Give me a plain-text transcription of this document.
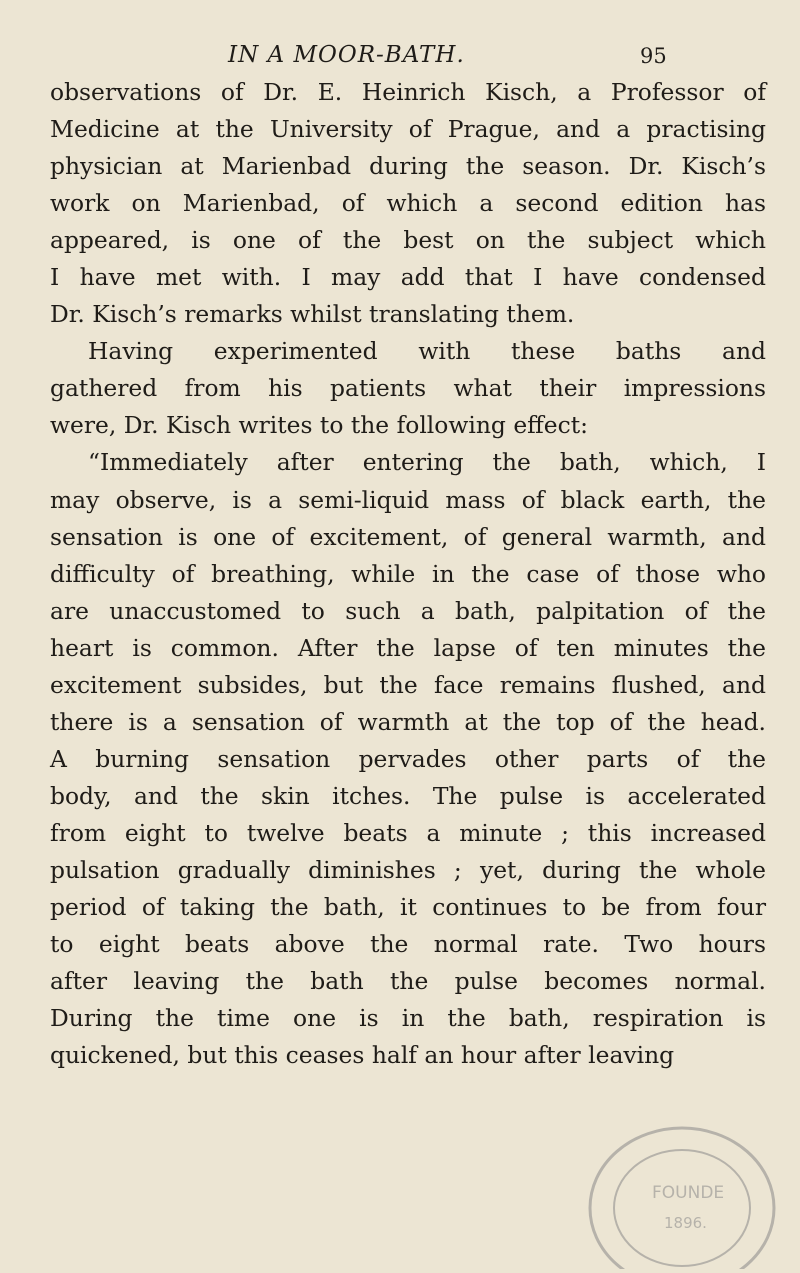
IN A MOOR-BATH.	95
observations of Dr. E. Heinrich Kisch, a Professor of
Medicine at the University of Prague, and a practising
physician at Marienbad during the season. Dr. Kisch’s
work on Marienbad, of which a second edition has
appeared, is one of the best on the subject which
I have met with. I may add that I have condensed
Dr. Kisch’s remarks whilst translating them.
Having experimented with these baths and
gathered from his patients what their impressions
were, Dr. Kisch writes to the following effect:
“Immediately after entering the bath, which, I
may observe, is a semi-liquid mass of black earth, the
sensation is one of excitement, of general warmth, and
difficulty of breathing, while in the case of those who
are unaccustomed to such a bath, palpitation of the
heart is common. After the lapse of ten minutes the
excitement subsides, but the face remains flushed, and
there is a sensation of warmth at the top of the head.
A burning sensation pervades other parts of the
body, and the skin itches. The pulse is accelerated
from eight to twelve beats a minute ; this increased
pulsation gradually diminishes ; yet, during the whole
period of taking the bath, it continues to be from four
to eight beats above the normal rate. Two hours
after leaving the bath the pulse becomes normal.
During the time one is in the bath, respiration is
quickened, but this ceases half an hour after leaving
FOUNDE
1896.
